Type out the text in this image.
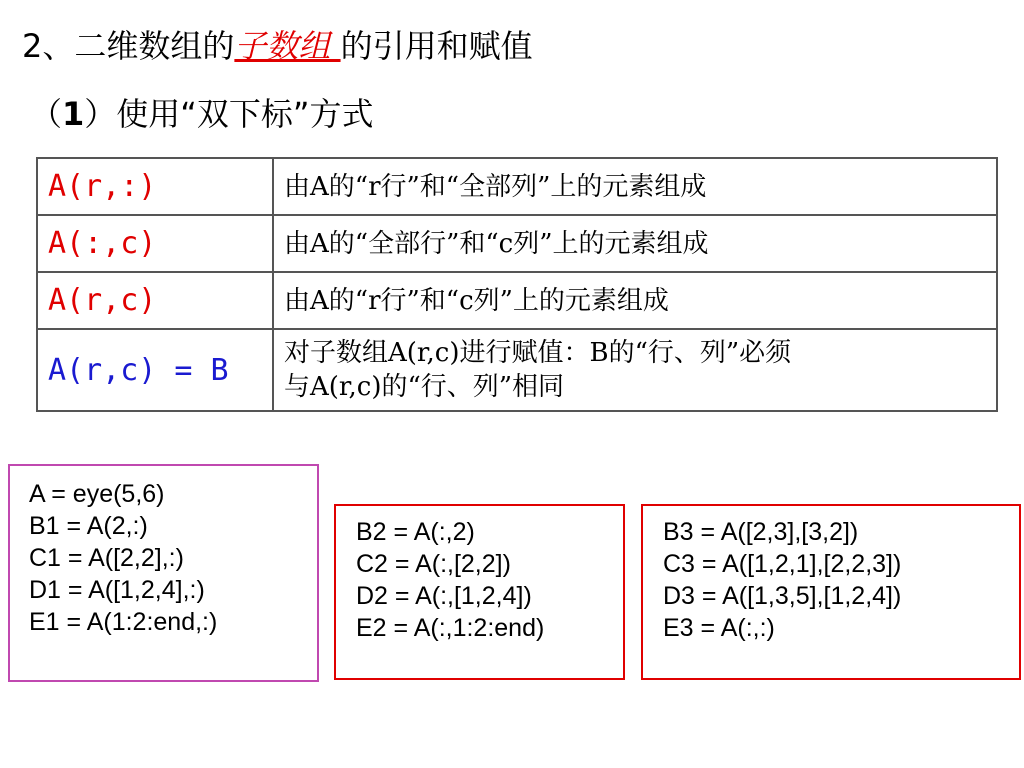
2、二维数组的子数组 的引用和赋值
（1）使用“双下标”方式
A(r,:)	由A的“r行”和“全部列”上的元素组成
A(:,c)	由A的“全部行”和“c列”上的元素组成
A(r,c)	由A的“r行”和“c列”上的元素组成
A(r,c) = B	对子数组A(r,c)进行赋值：B的“行、列”必须
与A(r,c)的“行、列”相同
A = eye(5,6)
B1 = A(2,:)
C1 = A([2,2],:)
D1 = A([1,2,4],:)
E1 = A(1:2:end,:)
B2 = A(:,2)
C2 = A(:,[2,2])
D2 = A(:,[1,2,4])
E2 = A(:,1:2:end)
B3 = A([2,3],[3,2])
C3 = A([1,2,1],[2,2,3])
D3 = A([1,3,5],[1,2,4])
E3 = A(:,:)
